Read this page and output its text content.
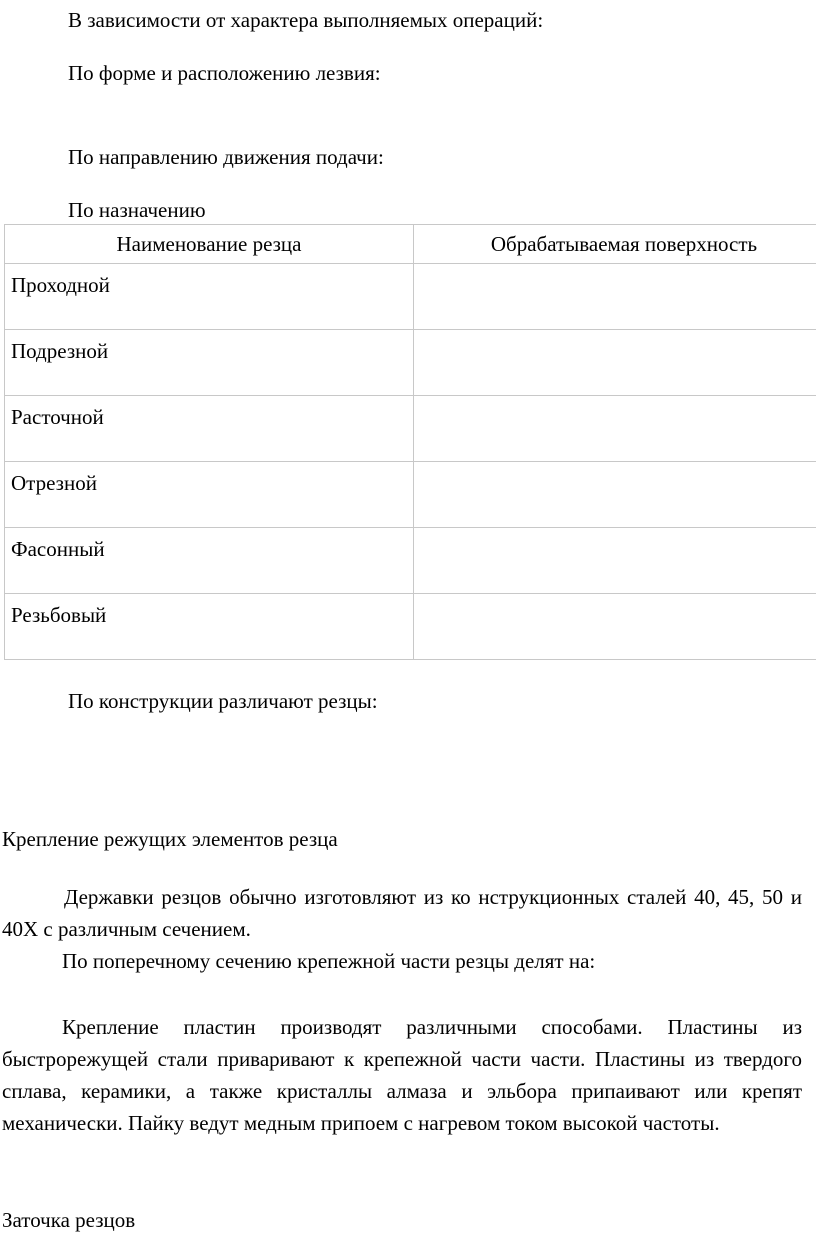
В зависимости от характера выполняемых операций:
По форме и расположению лезвия:
По направлению движения подачи:
По назначению
Наименование резца	Обрабатываемая поверхность

Проходной	

Подрезной	

Расточной	

Отрезной	

Фасонный	

Резьбовый	

По конструкции различают резцы:
Крепление режущих элементов резца
Державки резцов обычно изготовляют из ко нструкционных сталей 40, 45, 50 и 40Х с различным сечением.
По поперечному сечению крепежной части резцы делят на:
Крепление пластин производят различными способами. Пластины из быстрорежущей стали приваривают к крепежной части части. Пластины из твердого сплава, керамики, а также кристаллы алмаза и эльбора припаивают или крепят механически. Пайку ведут медным припоем с нагревом током высокой частоты.
Заточка резцов
